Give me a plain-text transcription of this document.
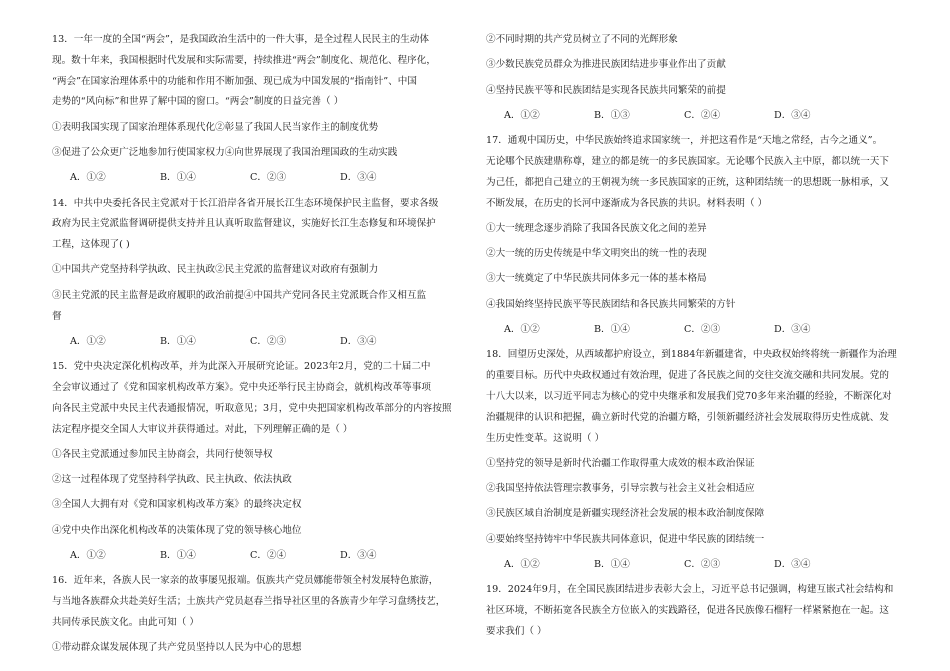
13．一年一度的全国“两会”，是我国政治生活中的一件大事，是全过程人民民主的生动体

现。数十年来，我国根据时代发展和实际需要，持续推进“两会”制度化、规范化、程序化，

“两会”在国家治理体系中的功能和作用不断加强、现已成为中国发展的“指南针”、中国

走势的“风向标”和世界了解中国的窗口。“两会”制度的日益完善（ ）

①表明我国实现了国家治理体系现代化②彰显了我国人民当家作主的制度优势

③促进了公众更广泛地参加行使国家权力④向世界展现了我国治理国政的生动实践

A．①②	B．①④	C．②③	D．③④

14．中共中央委托各民主党派对于长江沿岸各省开展长江生态环境保护民主监督，要求各级

政府为民主党派监督调研提供支持并且认真听取监督建议，实施好长江生态修复和环境保护

工程，这体现了( )

①中国共产党坚持科学执政、民主执政②民主党派的监督建议对政府有强制力

③民主党派的民主监督是政府履职的政治前提④中国共产党同各民主党派既合作又相互监

督

A．①②	B．①④	C．②③	D．③④

15．党中央决定深化机构改革，并为此深入开展研究论证。2023年2月，党的二十届二中

全会审议通过了《党和国家机构改革方案》。党中央还举行民主协商会，就机构改革等事项

向各民主党派中央民主代表通报情况，听取意见；3月，党中央把国家机构改革部分的内容按照

法定程序提交全国人大审议并获得通过。对此，下列理解正确的是（ ）

①各民主党派通过参加民主协商会，共同行使领导权

②这一过程体现了党坚持科学执政、民主执政、依法执政

③全国人大拥有对《党和国家机构改革方案》的最终决定权

④党中央作出深化机构改革的决策体现了党的领导核心地位

A．①②	B．①④	C．②④	D．③④

16．近年来，各族人民一家亲的故事屡见报端。佤族共产党员娜能带领全村发展特色旅游，

与当地各族群众共赴美好生活；土族共产党员赵春兰指导社区里的各族青少年学习盘绣技艺，

共同传承民族文化。由此可知（ ）

①带动群众谋发展体现了共产党员坚持以人民为中心的思想

②不同时期的共产党员树立了不同的光辉形象

③少数民族党员群众为推进民族团结进步事业作出了贡献

④坚持民族平等和民族团结是实现各民族共同繁荣的前提

A．①②	B．①③	C．②④	D．③④

17．通观中国历史，中华民族始终追求国家统一，并把这看作是“天地之常经，古今之通义”。

无论哪个民族建鼎称尊，建立的都是统一的多民族国家。无论哪个民族入主中原，都以统一天下

为己任，都把自己建立的王朝视为统一多民族国家的正统，这种团结统一的思想既一脉相承，又

不断发展，在历史的长河中逐渐成为各民族的共识。材料表明（ ）

①大一统理念逐步消除了我国各民族文化之间的差异

②大一统的历史传统是中华文明突出的统一性的表现

③大一统奠定了中华民族共同体多元一体的基本格局

④我国始终坚持民族平等民族团结和各民族共同繁荣的方针

A．①②	B．①④	C．②③	D．③④

18．回望历史深处，从西域都护府设立，到1884年新疆建省，中央政权始终将统一新疆作为治理

的重要目标。历代中央政权通过有效治理，促进了各民族之间的交往交流交融和共同发展。党的

十八大以来，以习近平同志为核心的党中央继承和发展我们党70多年来治疆的经验，不断深化对

治疆规律的认识和把握，确立新时代党的治疆方略，引领新疆经济社会发展取得历史性成就、发

生历史性变革。这说明（ ）

①坚持党的领导是新时代治疆工作取得重大成效的根本政治保证

②我国坚持依法管理宗教事务，引导宗教与社会主义社会相适应

③民族区域自治制度是新疆实现经济社会发展的根本政治制度保障

④要始终坚持铸牢中华民族共同体意识，促进中华民族的团结统一

A．①②	B．①④	C．②③	D．③④

19．2024年9月，在全国民族团结进步表彰大会上，习近平总书记强调，构建互嵌式社会结构和

社区环境，不断拓宽各民族全方位嵌入的实践路径，促进各民族像石榴籽一样紧紧抱在一起。这

要求我们（ ）
